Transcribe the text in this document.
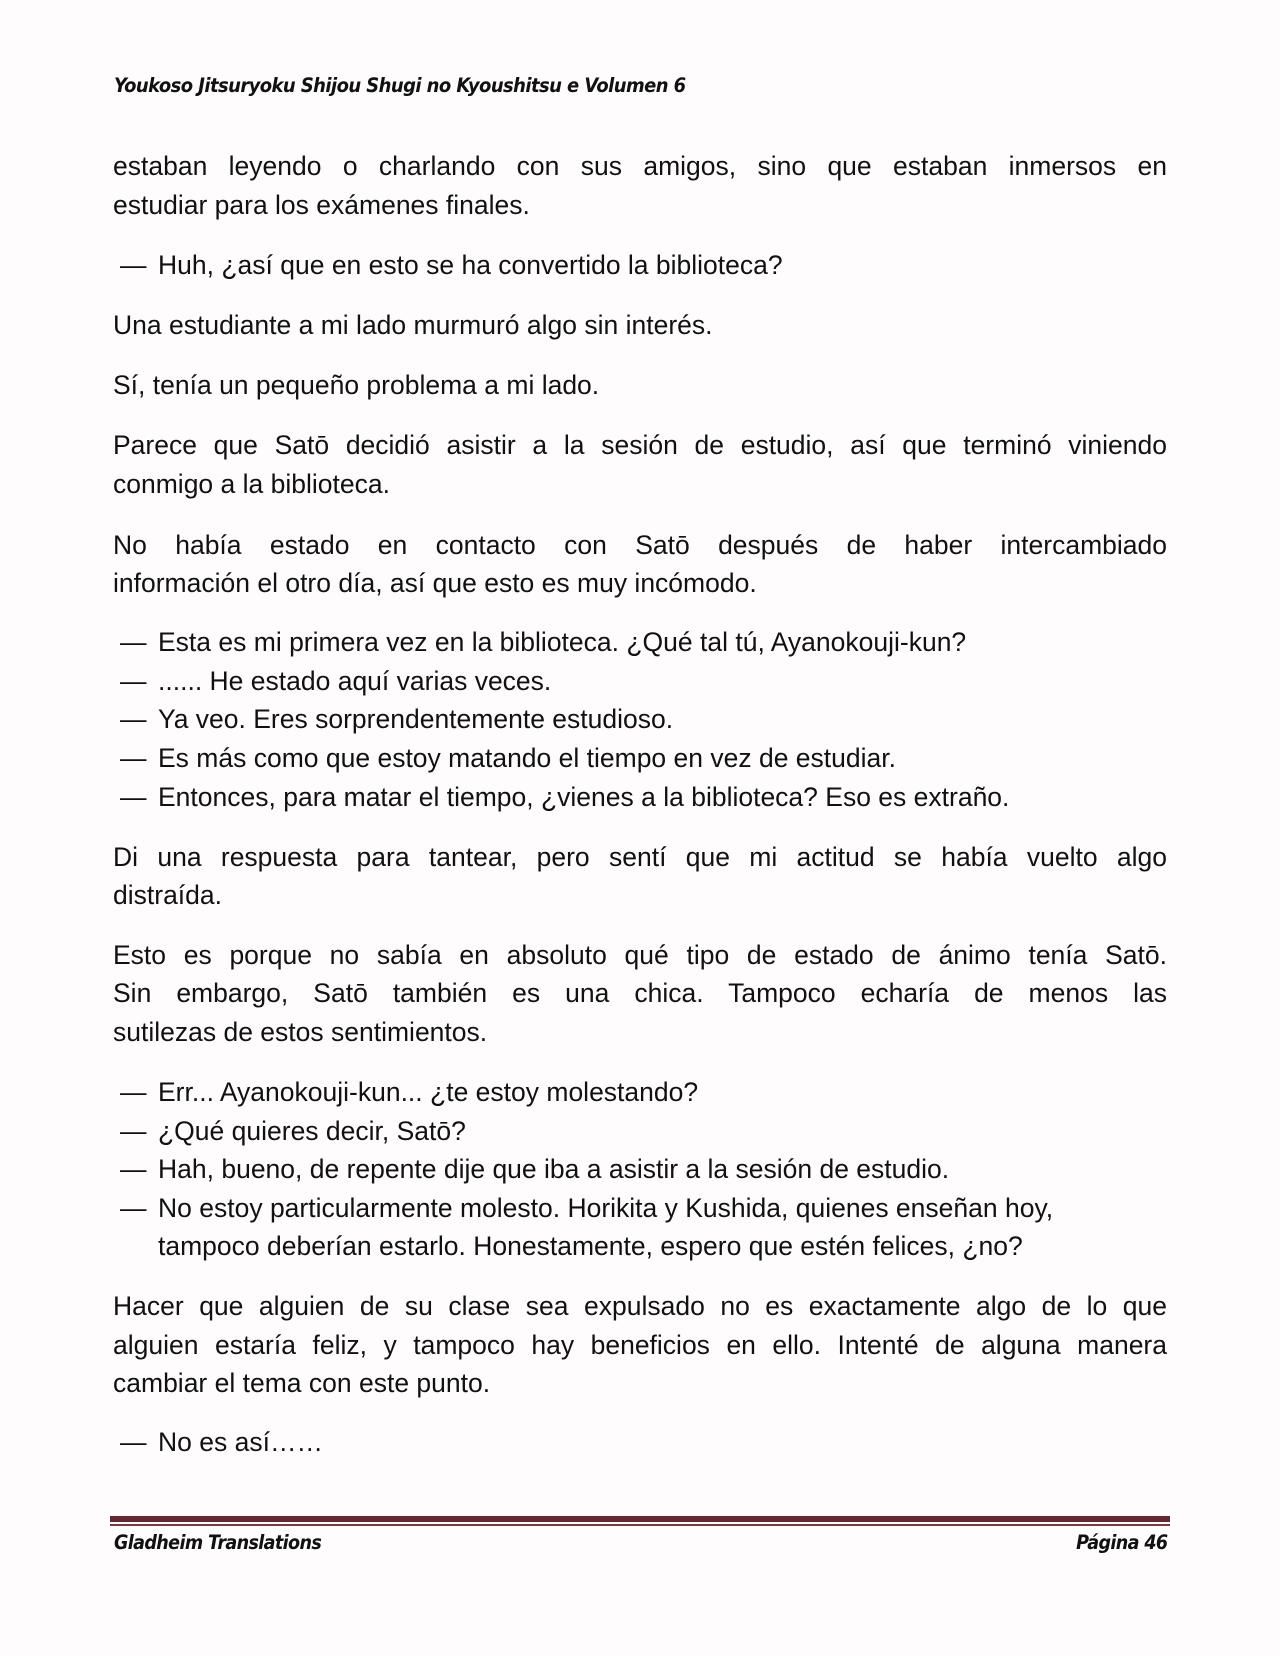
Youkoso Jitsuryoku Shijou Shugi no Kyoushitsu e Volumen 6
estaban leyendo o charlando con sus amigos, sino que estaban inmersos en
estudiar para los exámenes finales.
— Huh, ¿así que en esto se ha convertido la biblioteca?
Una estudiante a mi lado murmuró algo sin interés.
Sí, tenía un pequeño problema a mi lado.
Parece que Satō decidió asistir a la sesión de estudio, así que terminó viniendo
conmigo a la biblioteca.
No había estado en contacto con Satō después de haber intercambiado
información el otro día, así que esto es muy incómodo.
— Esta es mi primera vez en la biblioteca. ¿Qué tal tú, Ayanokouji-kun?
— ...... He estado aquí varias veces.
— Ya veo. Eres sorprendentemente estudioso.
— Es más como que estoy matando el tiempo en vez de estudiar.
— Entonces, para matar el tiempo, ¿vienes a la biblioteca? Eso es extraño.
Di una respuesta para tantear, pero sentí que mi actitud se había vuelto algo
distraída.
Esto es porque no sabía en absoluto qué tipo de estado de ánimo tenía Satō.
Sin embargo, Satō también es una chica. Tampoco echaría de menos las
sutilezas de estos sentimientos.
— Err... Ayanokouji-kun... ¿te estoy molestando?
— ¿Qué quieres decir, Satō?
— Hah, bueno, de repente dije que iba a asistir a la sesión de estudio.
— No estoy particularmente molesto. Horikita y Kushida, quienes enseñan hoy,
tampoco deberían estarlo. Honestamente, espero que estén felices, ¿no?
Hacer que alguien de su clase sea expulsado no es exactamente algo de lo que
alguien estaría feliz, y tampoco hay beneficios en ello. Intenté de alguna manera
cambiar el tema con este punto.
— No es así……
Gladheim Translations	Página 46
